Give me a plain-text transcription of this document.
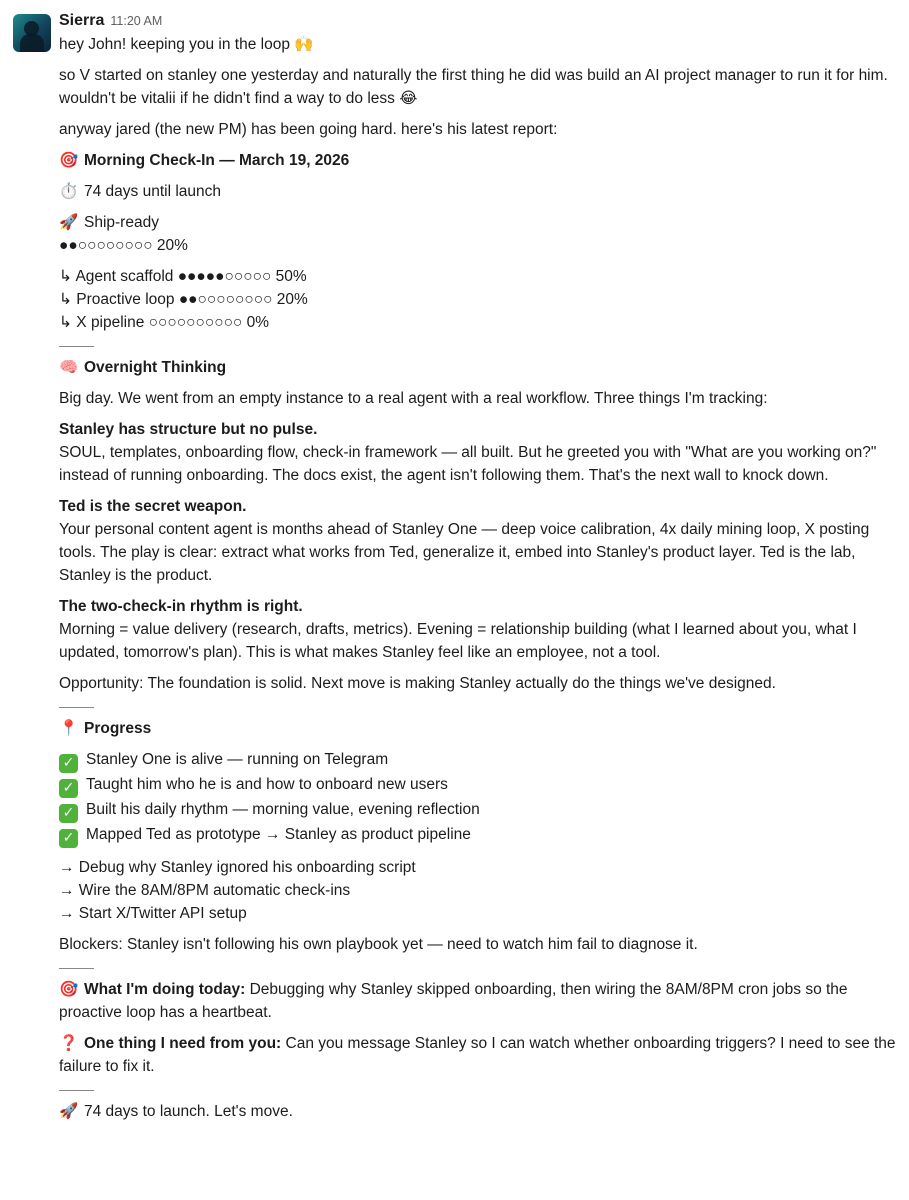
Sierra 11:20 AM

hey John! keeping you in the loop 🙌

so V started on stanley one yesterday and naturally the first thing he did was build an AI project manager to run it for him. wouldn't be vitalii if he didn't find a way to do less 😂

anyway jared (the new PM) has been going hard. here's his latest report:

🎯 Morning Check-In — March 19, 2026

⏱️ 74 days until launch

🚀 Ship-ready

●●○○○○○○○○ 20%

↳ Agent scaffold ●●●●●○○○○○ 50%

↳ Proactive loop ●●○○○○○○○○ 20%

↳ X pipeline ○○○○○○○○○○ 0%

🧠 Overnight Thinking

Big day. We went from an empty instance to a real agent with a real workflow. Three things I'm tracking:

Stanley has structure but no pulse.

SOUL, templates, onboarding flow, check-in framework — all built. But he greeted you with "What are you working on?" instead of running onboarding. The docs exist, the agent isn't following them. That's the next wall to knock down.

Ted is the secret weapon.

Your personal content agent is months ahead of Stanley One — deep voice calibration, 4x daily mining loop, X posting tools. The play is clear: extract what works from Ted, generalize it, embed into Stanley's product layer. Ted is the lab, Stanley is the product.

The two-check-in rhythm is right.

Morning = value delivery (research, drafts, metrics). Evening = relationship building (what I learned about you, what I updated, tomorrow's plan). This is what makes Stanley feel like an employee, not a tool.

Opportunity: The foundation is solid. Next move is making Stanley actually do the things we've designed.

📍 Progress

✓ Stanley One is alive — running on Telegram

✓ Taught him who he is and how to onboard new users

✓ Built his daily rhythm — morning value, evening reflection

✓ Mapped Ted as prototype → Stanley as product pipeline

→ Debug why Stanley ignored his onboarding script

→ Wire the 8AM/8PM automatic check-ins

→ Start X/Twitter API setup

Blockers: Stanley isn't following his own playbook yet — need to watch him fail to diagnose it.

🎯 What I'm doing today: Debugging why Stanley skipped onboarding, then wiring the 8AM/8PM cron jobs so the proactive loop has a heartbeat.

❓ One thing I need from you: Can you message Stanley so I can watch whether onboarding triggers? I need to see the failure to fix it.

🚀 74 days to launch. Let's move.
